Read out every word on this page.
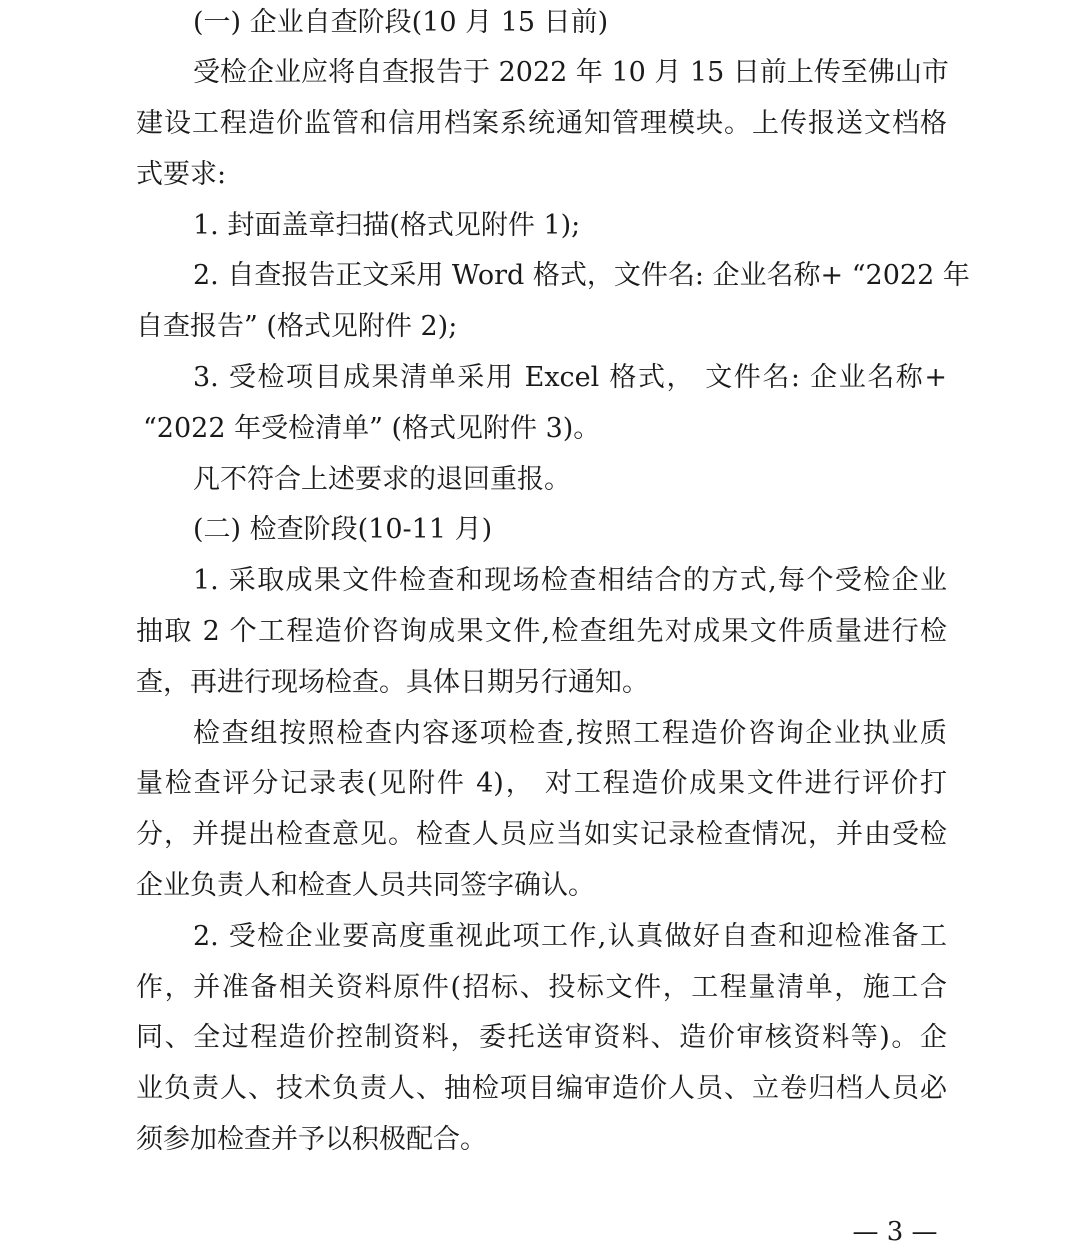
(一) 企业自查阶段(10 月 15 日前)
受检企业应将自查报告于 2022 年 10 月 15 日前上传至佛山市
建设工程造价监管和信用档案系统通知管理模块。上传报送文档格
式要求:
1. 封面盖章扫描(格式见附件 1);
2. 自查报告正文采用 Word 格式，文件名: 企业名称+ “2022 年
自查报告” (格式见附件 2);
3. 受检项目成果清单采用 Excel 格式， 文件名: 企业名称+
“2022 年受检清单” (格式见附件 3)。
凡不符合上述要求的退回重报。
(二) 检查阶段(10-11 月)
1. 采取成果文件检查和现场检查相结合的方式,每个受检企业
抽取 2 个工程造价咨询成果文件,检查组先对成果文件质量进行检
查，再进行现场检查。具体日期另行通知。
检查组按照检查内容逐项检查,按照工程造价咨询企业执业质
量检查评分记录表(见附件 4)， 对工程造价成果文件进行评价打
分，并提出检查意见。检查人员应当如实记录检查情况，并由受检
企业负责人和检查人员共同签字确认。
2. 受检企业要高度重视此项工作,认真做好自查和迎检准备工
作，并准备相关资料原件(招标、投标文件，工程量清单，施工合
同、全过程造价控制资料，委托送审资料、造价审核资料等)。企
业负责人、技术负责人、抽检项目编审造价人员、立卷归档人员必
须参加检查并予以积极配合。
— 3 —
